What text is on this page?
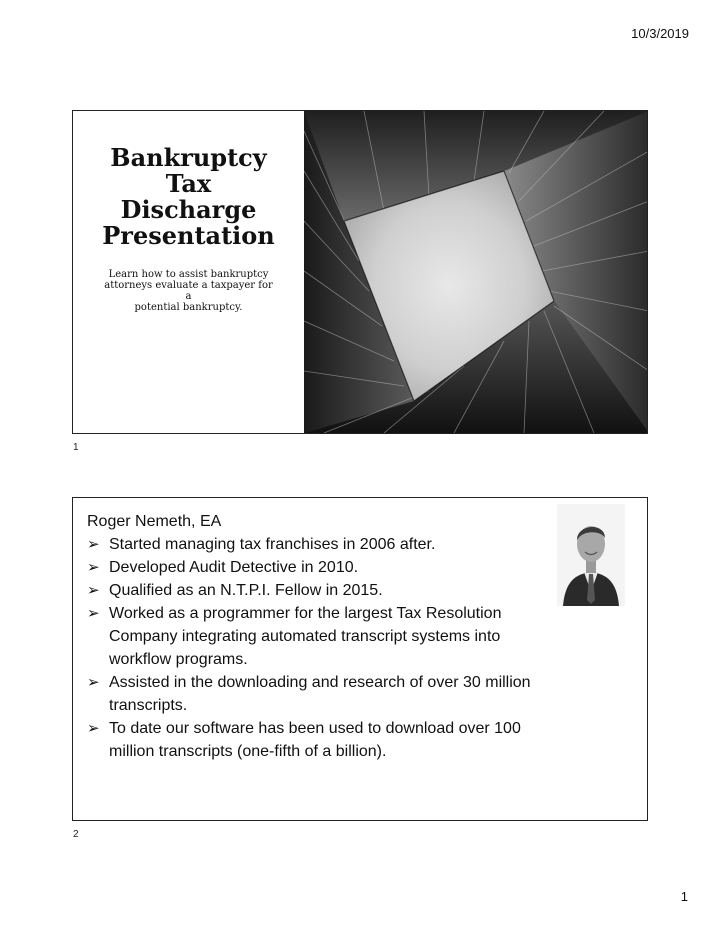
10/3/2019
Bankruptcy
Tax
Discharge
Presentation
Learn how to assist bankruptcy
attorneys evaluate a taxpayer for a
potential bankruptcy.
1
Roger Nemeth, EA
➢ Started managing tax franchises in 2006 after.
➢ Developed Audit Detective in 2010.
➢ Qualified as an N.T.P.I. Fellow in 2015.
➢ Worked as a programmer for the largest Tax Resolution
Company integrating automated transcript systems into
workflow programs.
➢ Assisted in the downloading and research of over 30 million
transcripts.
➢ To date our software has been used to download over 100
million transcripts (one-fifth of a billion).
2
1
